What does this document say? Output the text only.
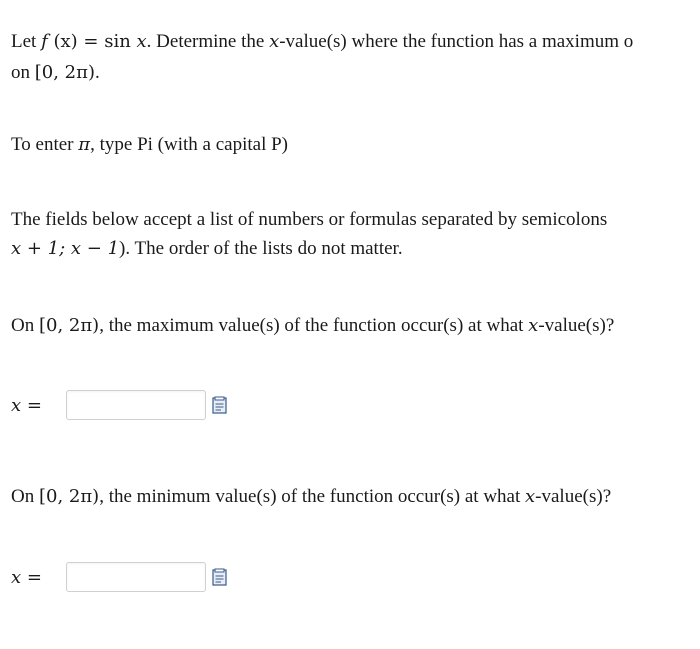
Let f (x) = sin x. Determine the x-value(s) where the function has a maximum o
on [0, 2π).
To enter π, type Pi (with a capital P)
The fields below accept a list of numbers or formulas separated by semicolons
x + 1; x − 1). The order of the lists do not matter.
On [0, 2π), the maximum value(s) of the function occur(s) at what x-value(s)?
x =
On [0, 2π), the minimum value(s) of the function occur(s) at what x-value(s)?
x =
